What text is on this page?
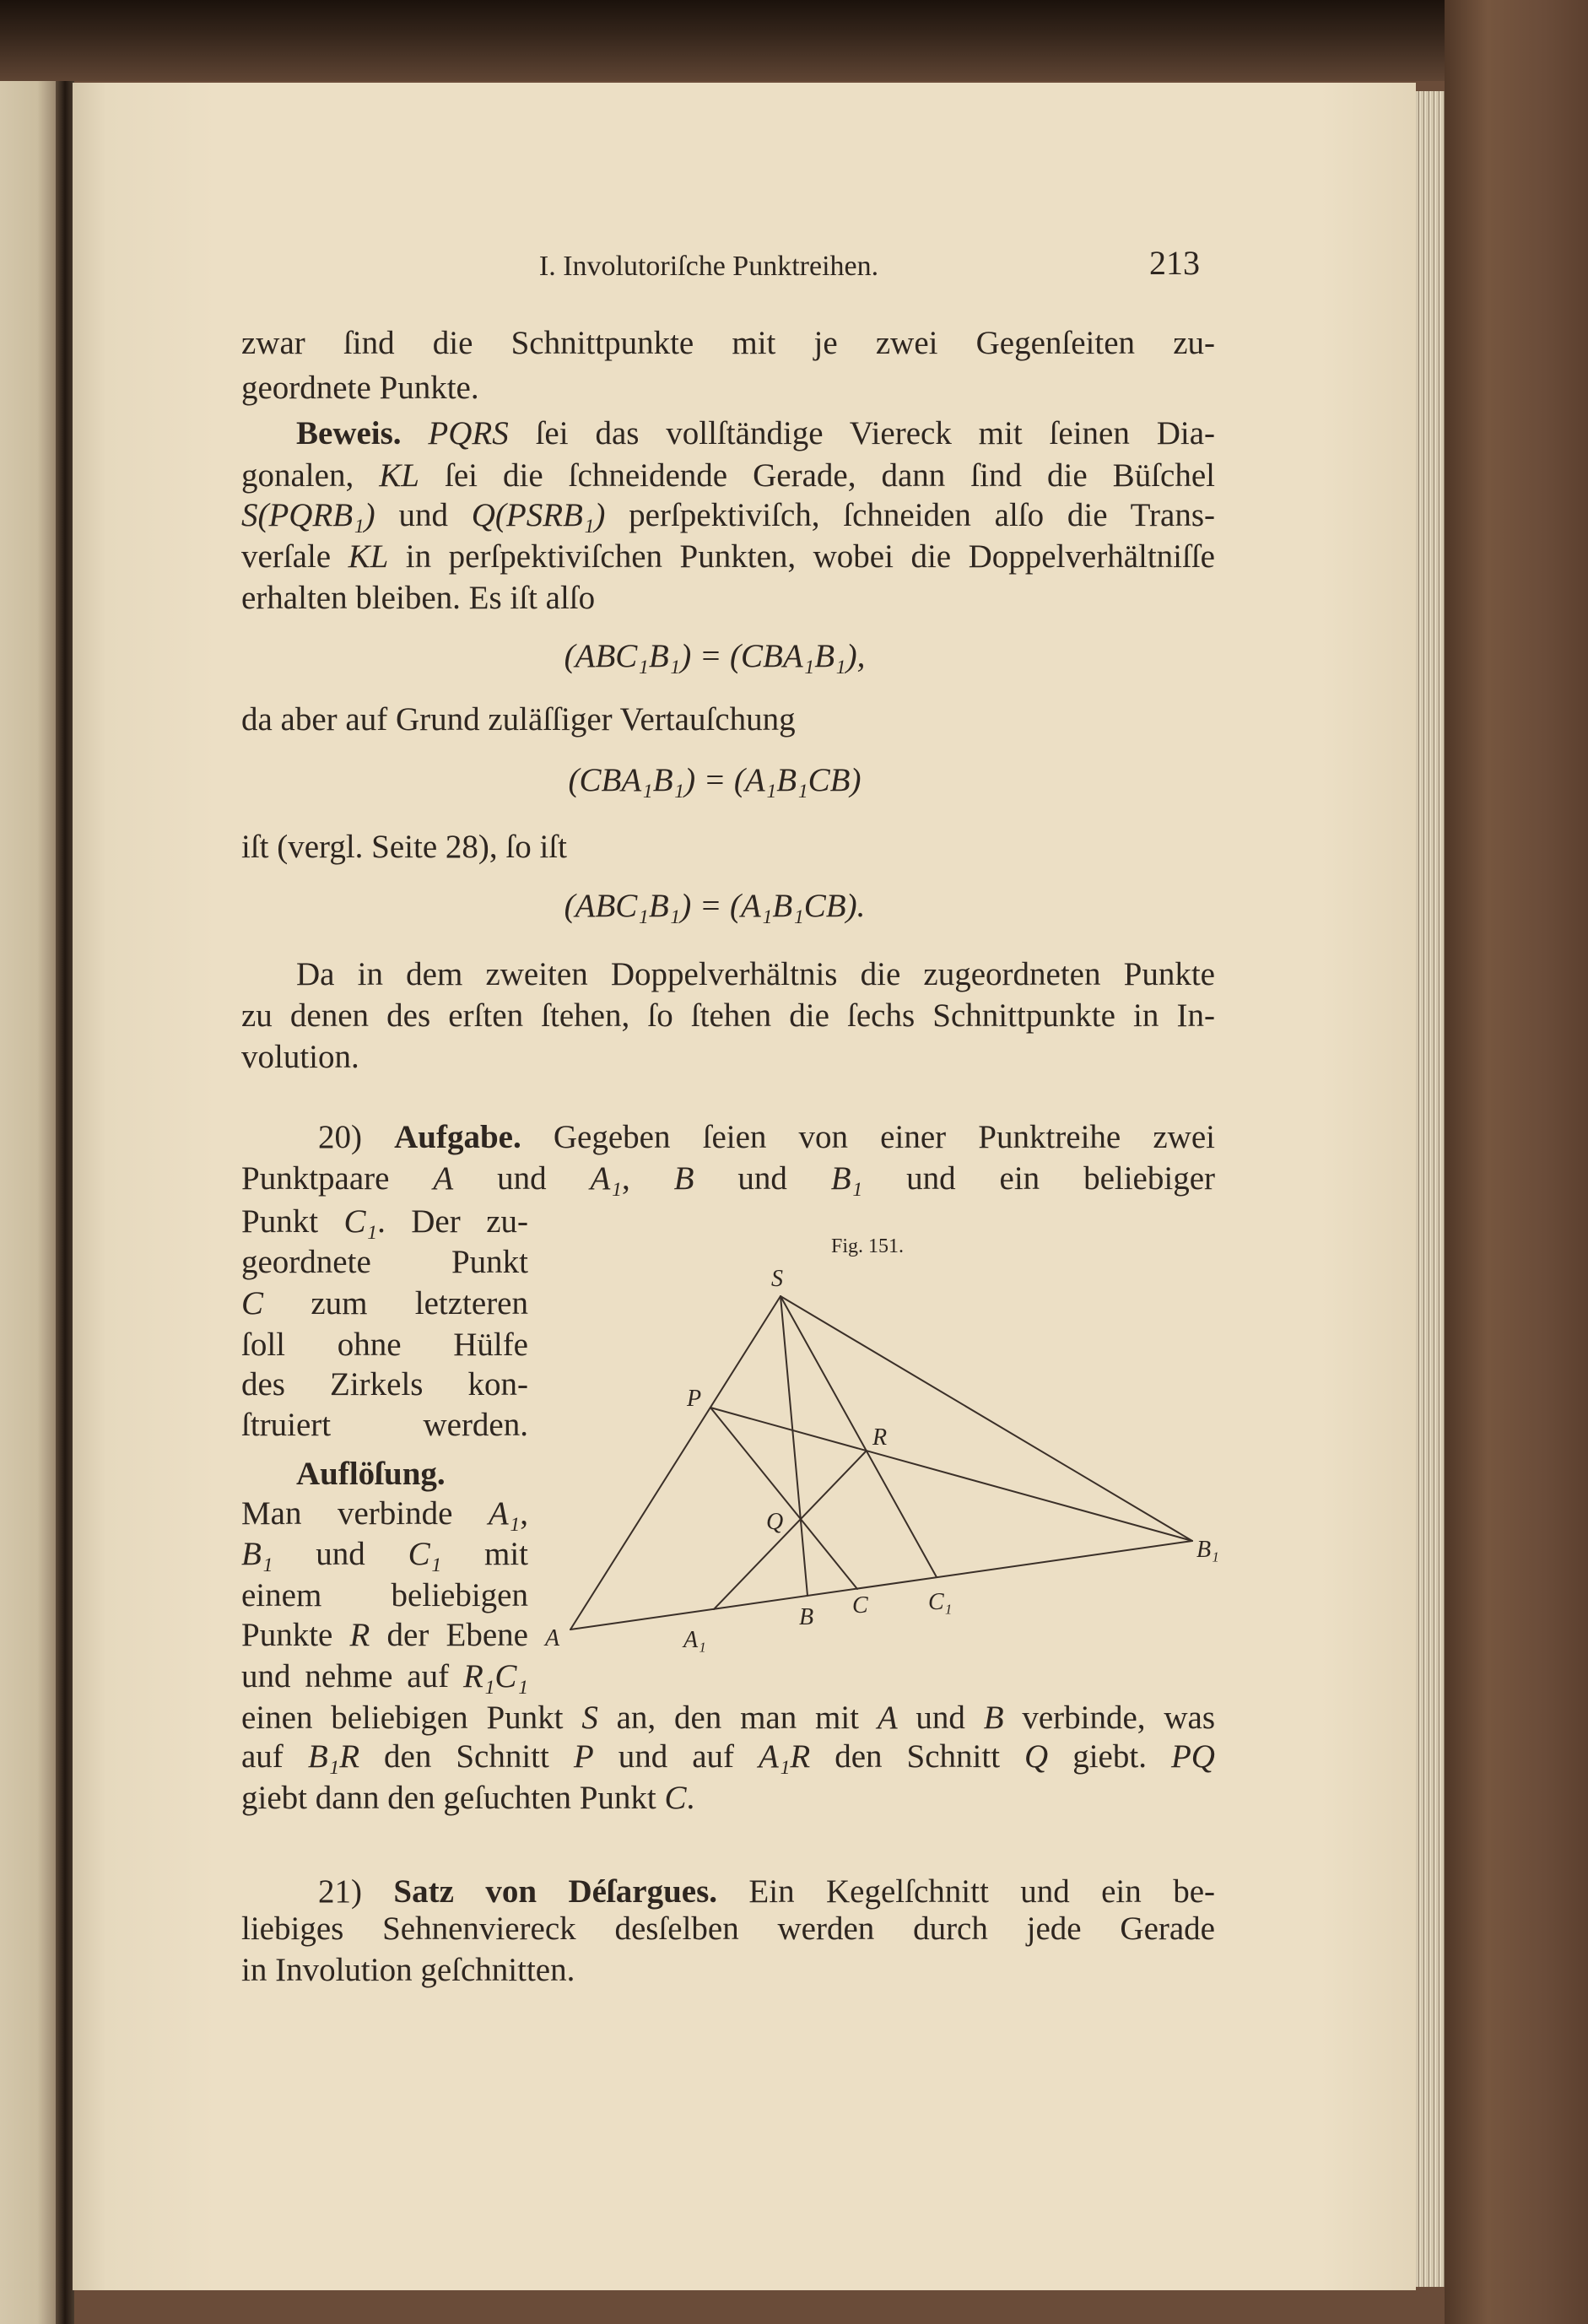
I. Involutoriſche Punktreihen.	213
zwar ſind die Schnittpunkte mit je zwei Gegenſeiten zu-
geordnete Punkte.
Beweis. PQRS ſei das vollſtändige Viereck mit ſeinen Dia-
gonalen, KL ſei die ſchneidende Gerade, dann ſind die Büſchel
S(PQRB₁) und Q(PSRB₁) perſpektiviſch, ſchneiden alſo die Trans-
verſale KL in perſpektiviſchen Punkten, wobei die Doppelverhältniſſe
erhalten bleiben. Es iſt alſo
(ABC₁B₁) = (CBA₁B₁),
da aber auf Grund zuläſſiger Vertauſchung
(CBA₁B₁) = (A₁B₁CB)
iſt (vergl. Seite 28), ſo iſt
(ABC₁B₁) = (A₁B₁CB).
Da in dem zweiten Doppelverhältnis die zugeordneten Punkte
zu denen des erſten ſtehen, ſo ſtehen die ſechs Schnittpunkte in In-
volution.
20) Aufgabe. Gegeben ſeien von einer Punktreihe zwei
Punktpaare A und A₁, B und B₁ und ein beliebiger
Punkt C₁. Der zu-
geordnete Punkt
C zum letzteren
ſoll ohne Hülfe
des Zirkels kon-
ſtruiert werden.
Auflöſung.
Man verbinde A₁,
B₁ und C₁ mit
einem beliebigen
Punkte R der Ebene
und nehme auf R₁C₁
einen beliebigen Punkt S an, den man mit A und B verbinde, was
auf B₁R den Schnitt P und auf A₁R den Schnitt Q giebt. PQ
giebt dann den geſuchten Punkt C.
Fig. 151.
S
P
R
Q
A	A₁
B C	C₁
B₁
21) Satz von Déſargues. Ein Kegelſchnitt und ein be-
liebiges Sehnenviereck desſelben werden durch jede Gerade
in Involution geſchnitten.
